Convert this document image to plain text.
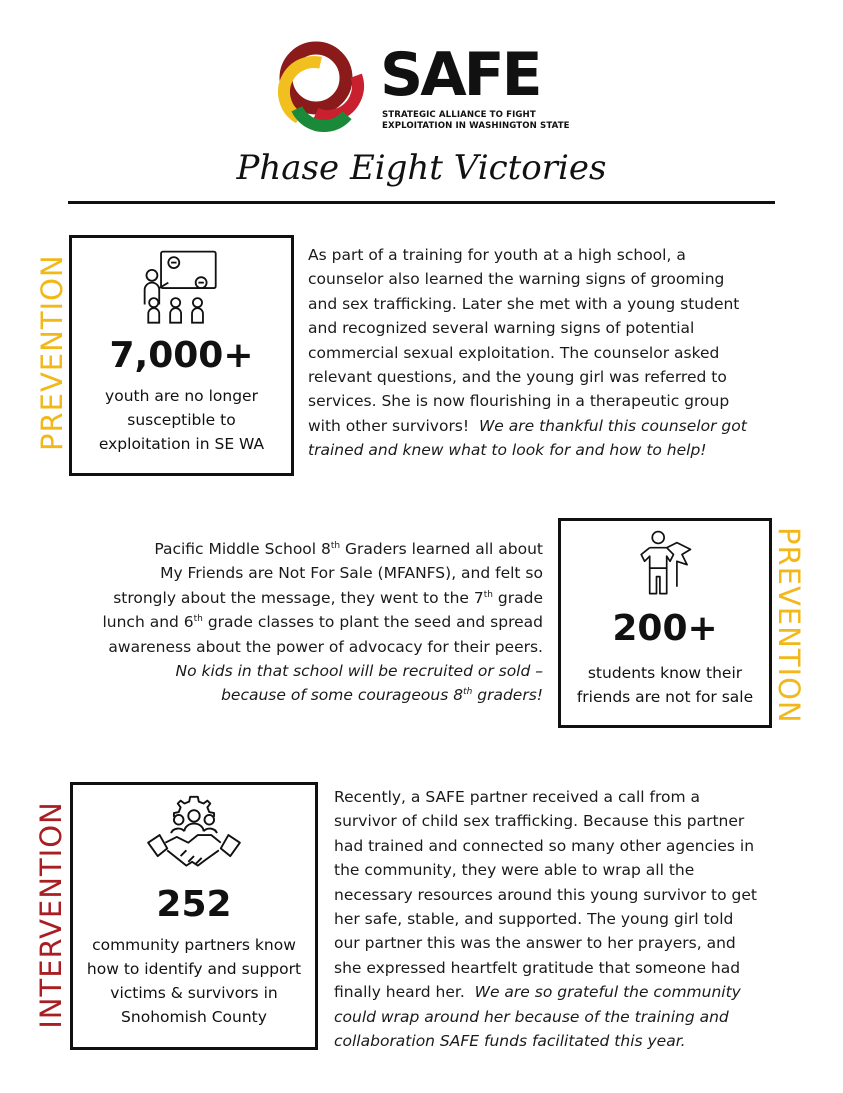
SAFE
STRATEGIC ALLIANCE TO FIGHT
EXPLOITATION IN WASHINGTON STATE
Phase Eight Victories
PREVENTION	7,000+
youth are no longer
susceptible to
exploitation in SE WA

As part of a training for youth at a high school, a

counselor also learned the warning signs of grooming

and sex trafficking. Later she met with a young student

and recognized several warning signs of potential

commercial sexual exploitation. The counselor asked

relevant questions, and the young girl was referred to

services. She is now flourishing in a therapeutic group

with other survivors!  We are thankful this counselor got

trained and knew what to look for and how to help!

Pacific Middle School 8th Graders learned all about

My Friends are Not For Sale (MFANFS), and felt so

strongly about the message, they went to the 7th grade

lunch and 6th grade classes to plant the seed and spread

awareness about the power of advocacy for their peers.

No kids in that school will be recruited or sold –

because of some courageous 8th graders!

200+
students know their
friends are not for sale PREVENTION
INTERVENTION	252
community partners know
how to identify and support
victims & survivors in
Snohomish County

Recently, a SAFE partner received a call from a

survivor of child sex trafficking. Because this partner

had trained and connected so many other agencies in

the community, they were able to wrap all the

necessary resources around this young survivor to get

her safe, stable, and supported. The young girl told

our partner this was the answer to her prayers, and

she expressed heartfelt gratitude that someone had

finally heard her.  We are so grateful the community

could wrap around her because of the training and

collaboration SAFE funds facilitated this year.
